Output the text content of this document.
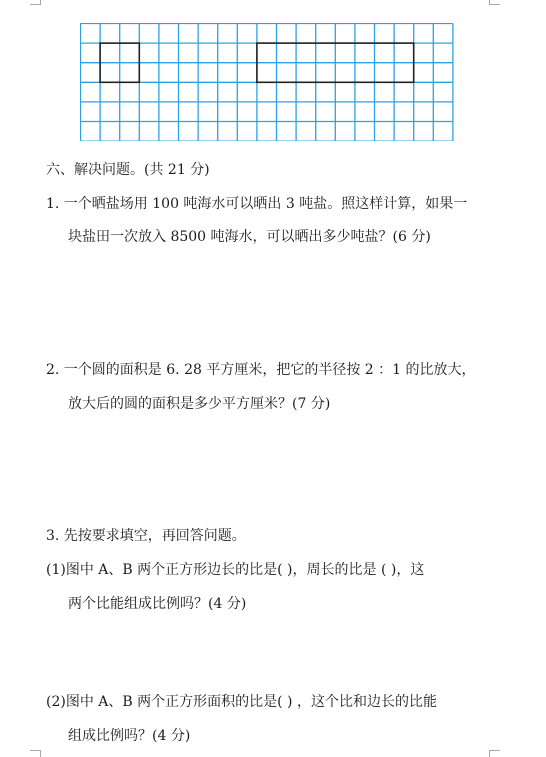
六、解决问题。(共 21 分)
1. 一个晒盐场用 100 吨海水可以晒出 3 吨盐。照这样计算，如果一
块盐田一次放入 8500 吨海水，可以晒出多少吨盐？(6 分)
2. 一个圆的面积是 6. 28 平方厘米，把它的半径按 2 ：1 的比放大，
放大后的圆的面积是多少平方厘米？(7 分)
3. 先按要求填空，再回答问题。
(1)图中 A、B 两个正方形边长的比是( )，周长的比是 ( )，这
两个比能组成比例吗？(4 分)
(2)图中 A、B 两个正方形面积的比是( ) ，这个比和边长的比能
组成比例吗？(4 分)
